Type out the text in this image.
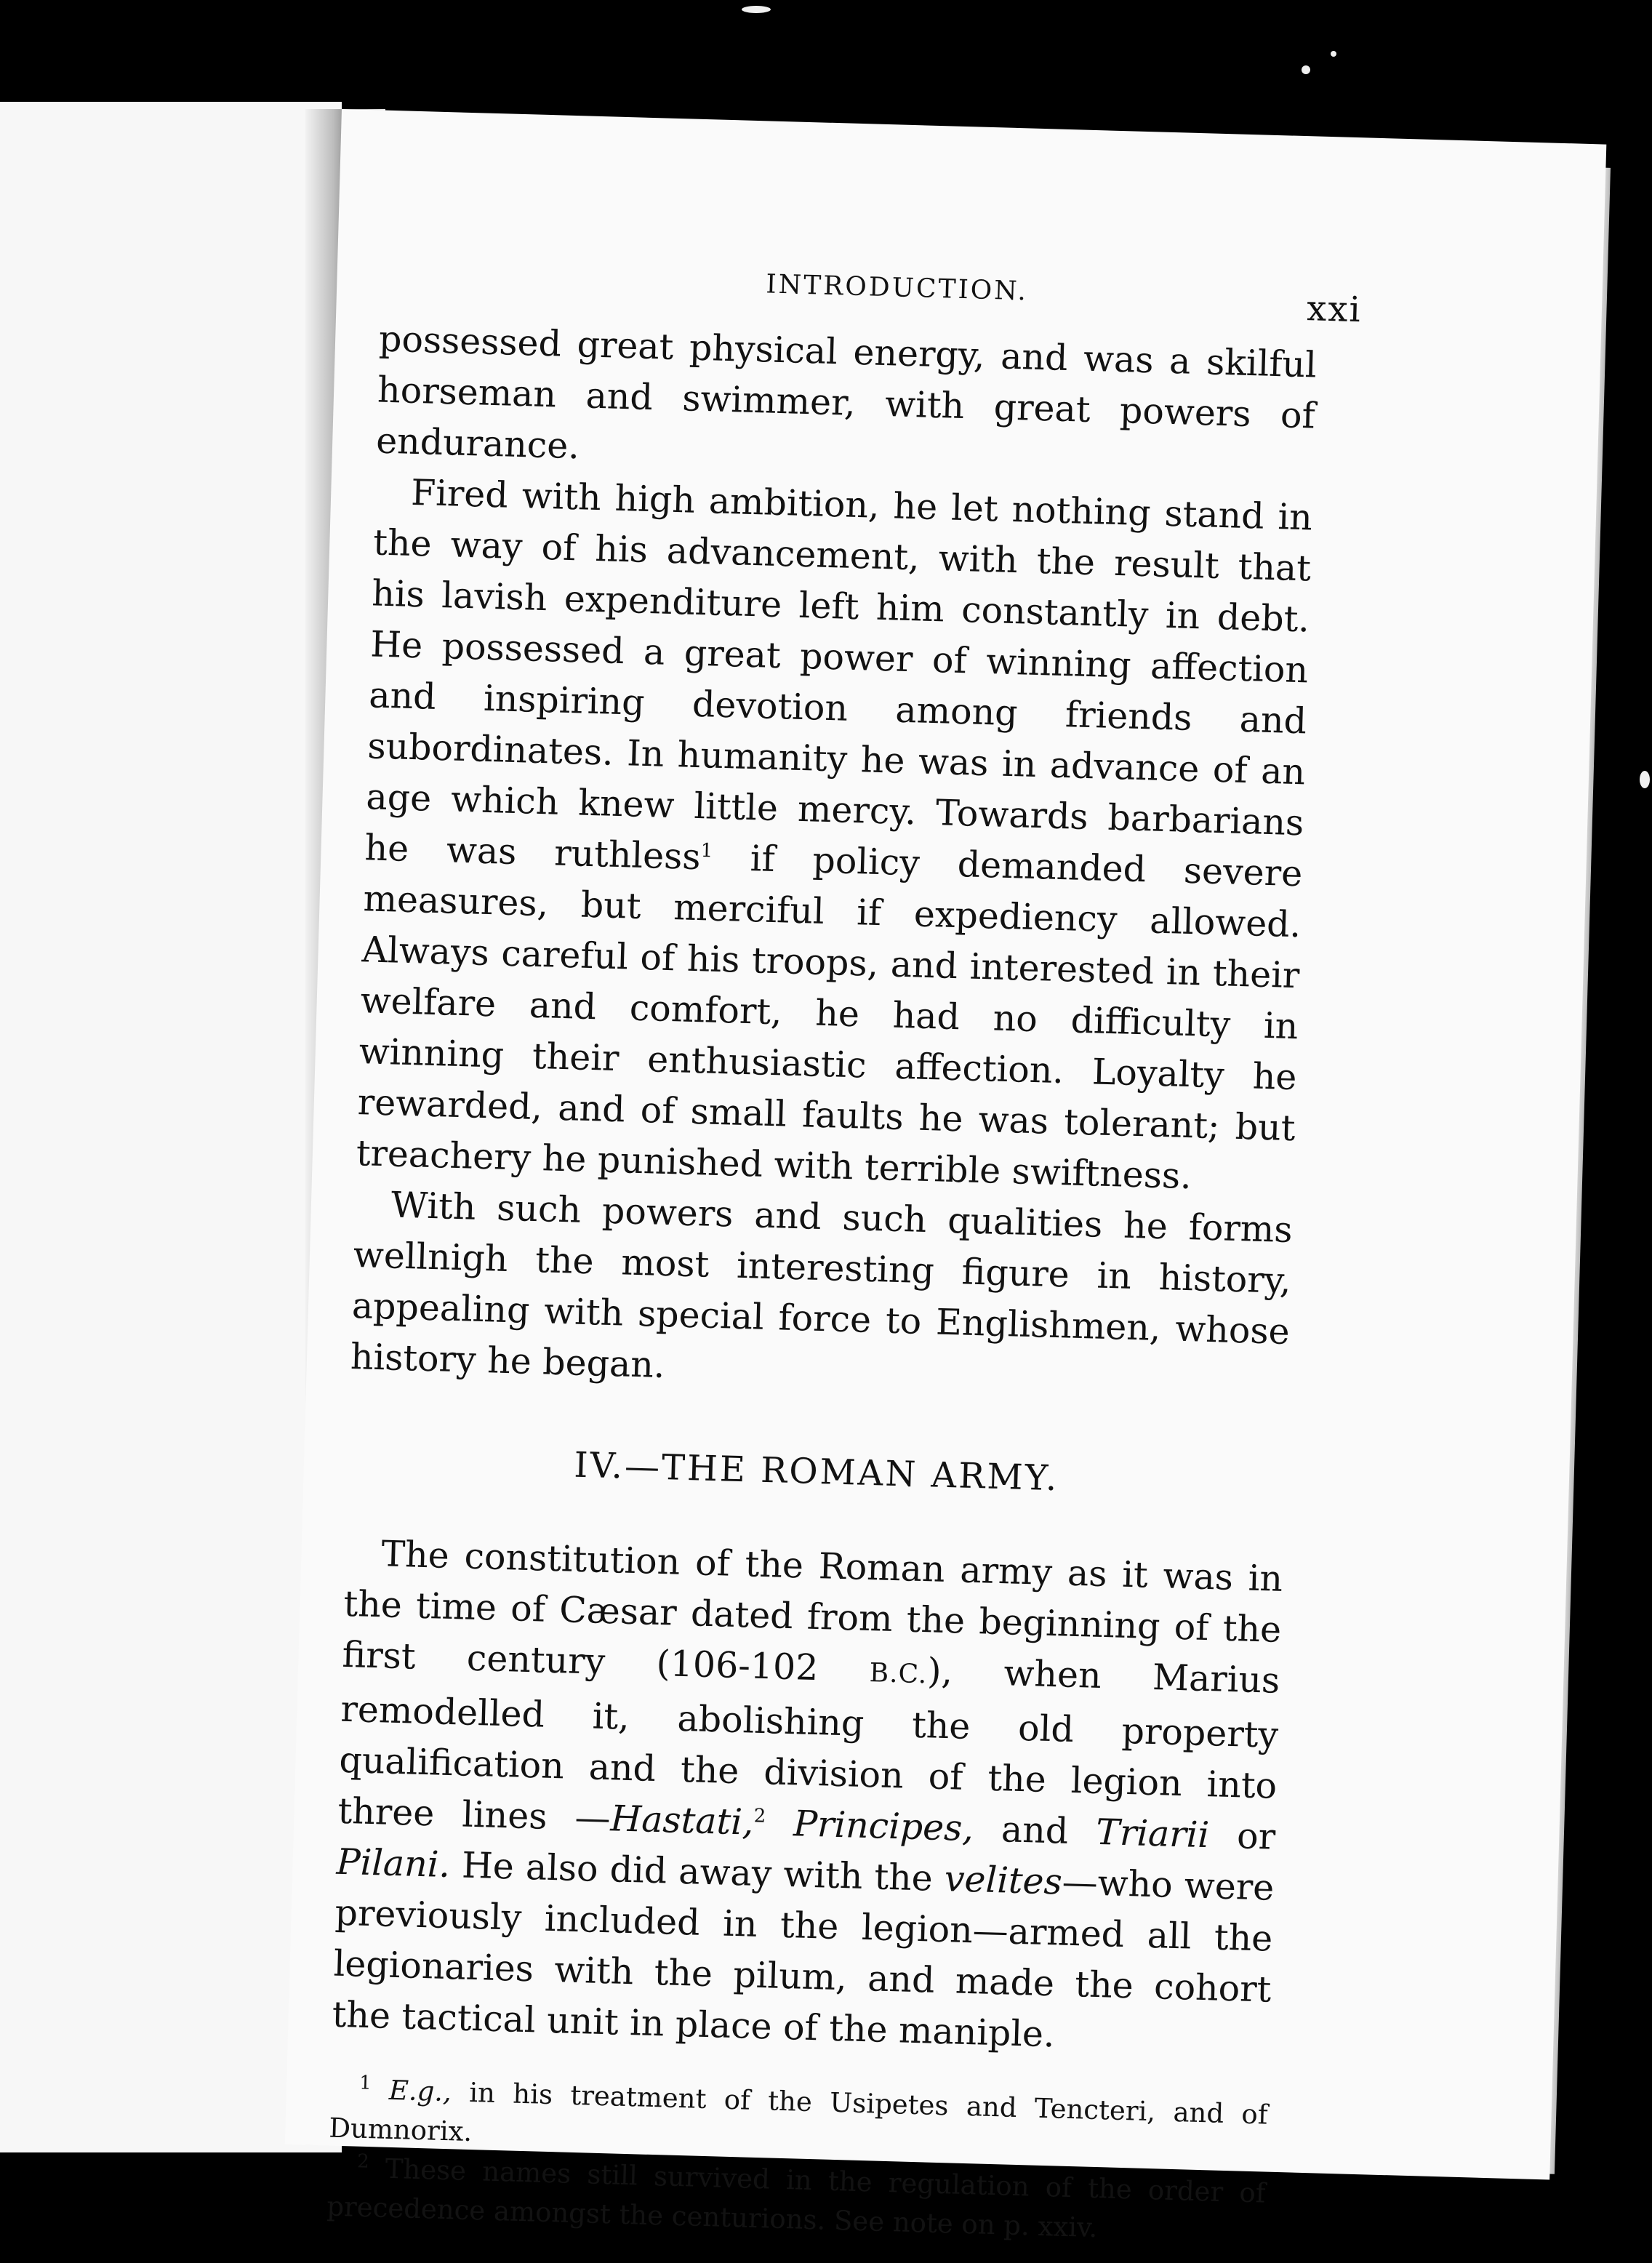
INTRODUCTION.
xxi

possessed great physical energy, and was a skilful horseman and swimmer, with great powers of endurance.

Fired with high ambition, he let nothing stand in the way of his advancement, with the result that his lavish expenditure left him constantly in debt. He possessed a great power of winning affection and inspiring devotion among friends and subordinates. In humanity he was in advance of an age which knew little mercy. Towards barbarians he was ruthless$^1$ if policy demanded severe measures, but merciful if expediency allowed. Always careful of his troops, and interested in their welfare and comfort, he had no difficulty in winning their enthusiastic affection. Loyalty he rewarded, and of small faults he was tolerant; but treachery he punished with terrible swiftness.

With such powers and such qualities he forms wellnigh the most interesting figure in history, appealing with special force to Englishmen, whose history he began.

IV.—THE ROMAN ARMY.

The constitution of the Roman army as it was in the time of Cæsar dated from the beginning of the first century (106-102 B.C.), when Marius remodelled it, abolishing the old property qualification and the division of the legion into three lines —Hastati,$^2$ Principes, and Triarii or Pilani. He also did away with the velites—who were previously included in the legion—armed all the legionaries with the pilum, and made the cohort the tactical unit in place of the maniple.

$^1$ E.g., in his treatment of the Usipetes and Tencteri, and of Dumnorix.

$^2$ These names still survived in the regulation of the order of precedence amongst the centurions. See note on p. xxiv.
